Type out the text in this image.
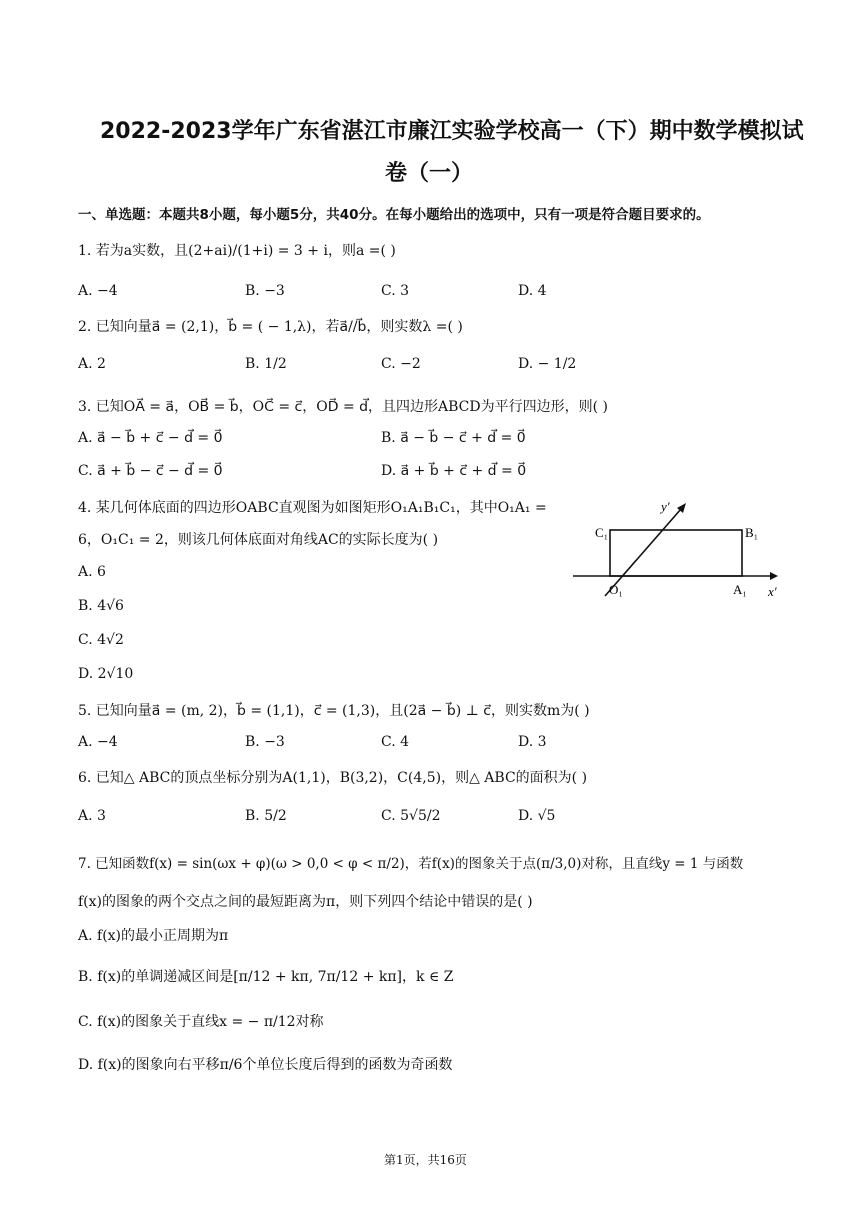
2022-2023学年广东省湛江市廉江实验学校高一（下）期中数学模拟试
卷（一）
一、单选题：本题共8小题，每小题5分，共40分。在每小题给出的选项中，只有一项是符合题目要求的。
1. 若为a实数，且(2+ai)/(1+i) = 3 + i，则a =( )
A. −4	B. −3	C. 3	D. 4
2. 已知向量a⃗ = (2,1)，b⃗ = ( − 1,λ)，若a⃗//b⃗，则实数λ =( )
A. 2	B. 1/2	C. −2	D. − 1/2
3. 已知OA⃗ = a⃗，OB⃗ = b⃗，OC⃗ = c⃗，OD⃗ = d⃗，且四边形ABCD为平行四边形，则( )
A. a⃗ − b⃗ + c⃗ − d⃗ = 0⃗	B. a⃗ − b⃗ − c⃗ + d⃗ = 0⃗
C. a⃗ + b⃗ − c⃗ − d⃗ = 0⃗	D. a⃗ + b⃗ + c⃗ + d⃗ = 0⃗
4. 某几何体底面的四边形OABC直观图为如图矩形O₁A₁B₁C₁，其中O₁A₁ =
6，O₁C₁ = 2，则该几何体底面对角线AC的实际长度为( )
A. 6
B. 4√6
C. 4√2
D. 2√10
C₁	B₁
O₁	A₁ x′
y′
5. 已知向量a⃗ = (m, 2)，b⃗ = (1,1)，c⃗ = (1,3)，且(2a⃗ − b⃗) ⊥ c⃗，则实数m为( )
A. −4	B. −3	C. 4	D. 3
6. 已知△ ABC的顶点坐标分别为A(1,1)，B(3,2)，C(4,5)，则△ ABC的面积为( )
A. 3	B. 5/2	C. 5√5/2	D. √5
7. 已知函数f(x) = sin(ωx + φ)(ω > 0,0 < φ < π/2)，若f(x)的图象关于点(π/3,0)对称，且直线y = 1 与函数
f(x)的图象的两个交点之间的最短距离为π，则下列四个结论中错误的是( )
A. f(x)的最小正周期为π
B. f(x)的单调递减区间是[π/12 + kπ, 7π/12 + kπ]，k ∈ Z
C. f(x)的图象关于直线x = − π/12对称
D. f(x)的图象向右平移π/6个单位长度后得到的函数为奇函数
第1页，共16页
